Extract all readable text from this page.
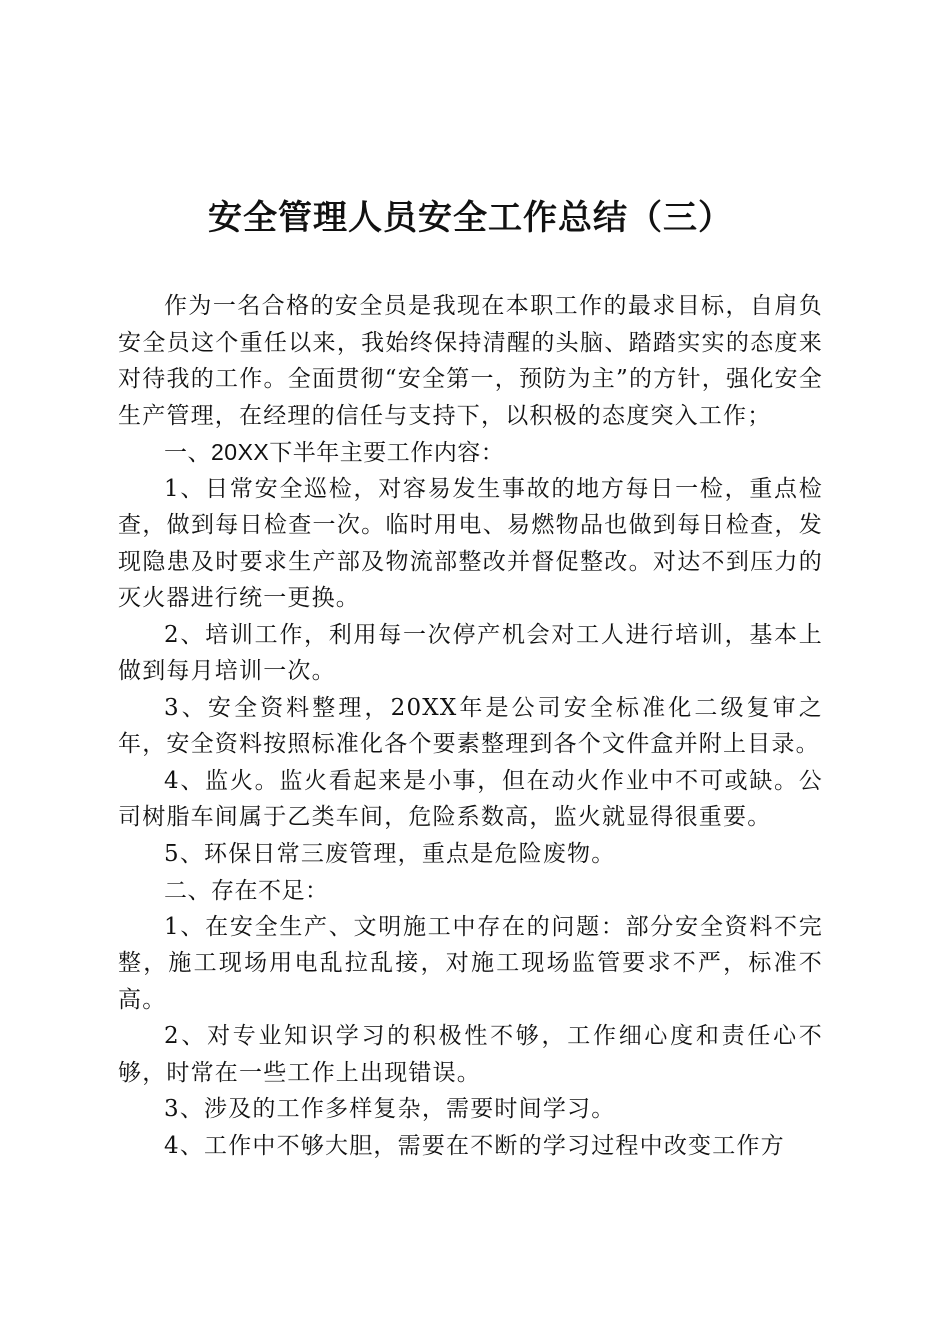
安全管理人员安全工作总结（三）

作为一名合格的安全员是我现在本职工作的最求目标，自肩负安全员这个重任以来，我始终保持清醒的头脑、踏踏实实的态度来对待我的工作。全面贯彻“安全第一，预防为主”的方针，强化安全生产管理，在经理的信任与支持下，以积极的态度突入工作；

一、20XX下半年主要工作内容：

1、日常安全巡检，对容易发生事故的地方每日一检，重点检查，做到每日检查一次。临时用电、易燃物品也做到每日检查，发现隐患及时要求生产部及物流部整改并督促整改。对达不到压力的灭火器进行统一更换。

2、培训工作，利用每一次停产机会对工人进行培训，基本上做到每月培训一次。

3、安全资料整理，20XX年是公司安全标准化二级复审之年，安全资料按照标准化各个要素整理到各个文件盒并附上目录。

4、监火。监火看起来是小事，但在动火作业中不可或缺。公司树脂车间属于乙类车间，危险系数高，监火就显得很重要。

5、环保日常三废管理，重点是危险废物。

二、存在不足：

1、在安全生产、文明施工中存在的问题：部分安全资料不完整，施工现场用电乱拉乱接，对施工现场监管要求不严，标准不高。

2、对专业知识学习的积极性不够，工作细心度和责任心不够，时常在一些工作上出现错误。

3、涉及的工作多样复杂，需要时间学习。

4、工作中不够大胆，需要在不断的学习过程中改变工作方
